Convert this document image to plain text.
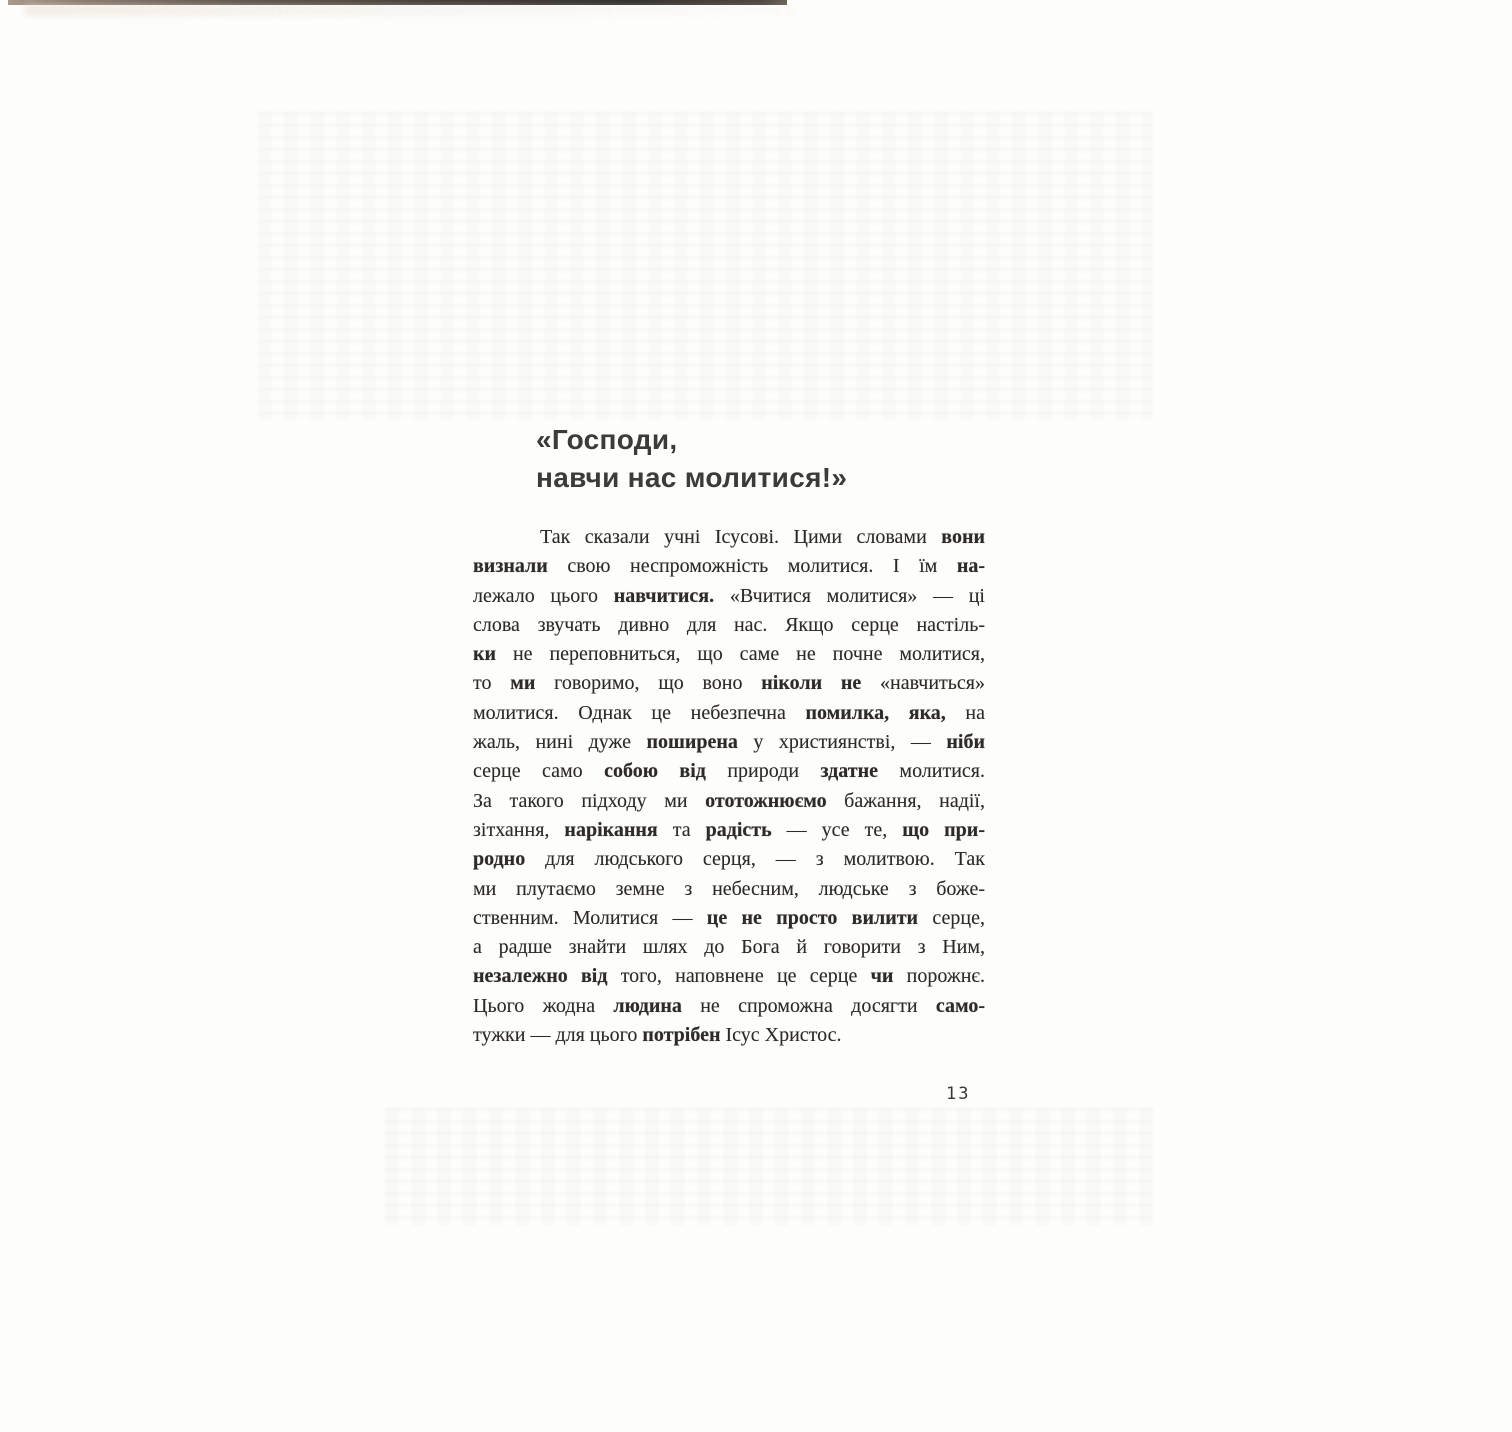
«Господи,
навчи нас молитися!»
Так сказали учні Ісусові. Цими словами вони
визнали свою неспроможність молитися. І їм на-
лежало цього навчитися. «Вчитися молитися» — ці
слова звучать дивно для нас. Якщо серце настіль-
ки не переповниться, що саме не почне молитися,
то ми говоримо, що воно ніколи не «навчиться»
молитися. Однак це небезпечна помилка, яка, на
жаль, нині дуже поширена у християнстві, — ніби
серце само собою від природи здатне молитися.
За такого підходу ми ототожнюємо бажання, надії,
зітхання, нарікання та радість — усе те, що при-
родно для людського серця, — з молитвою. Так
ми плутаємо земне з небесним, людське з боже-
ственним. Молитися — це не просто вилити серце,
а радше знайти шлях до Бога й говорити з Ним,
незалежно від того, наповнене це серце чи порожнє.
Цього жодна людина не спроможна досягти само-
тужки — для цього потрібен Ісус Христос.
13
